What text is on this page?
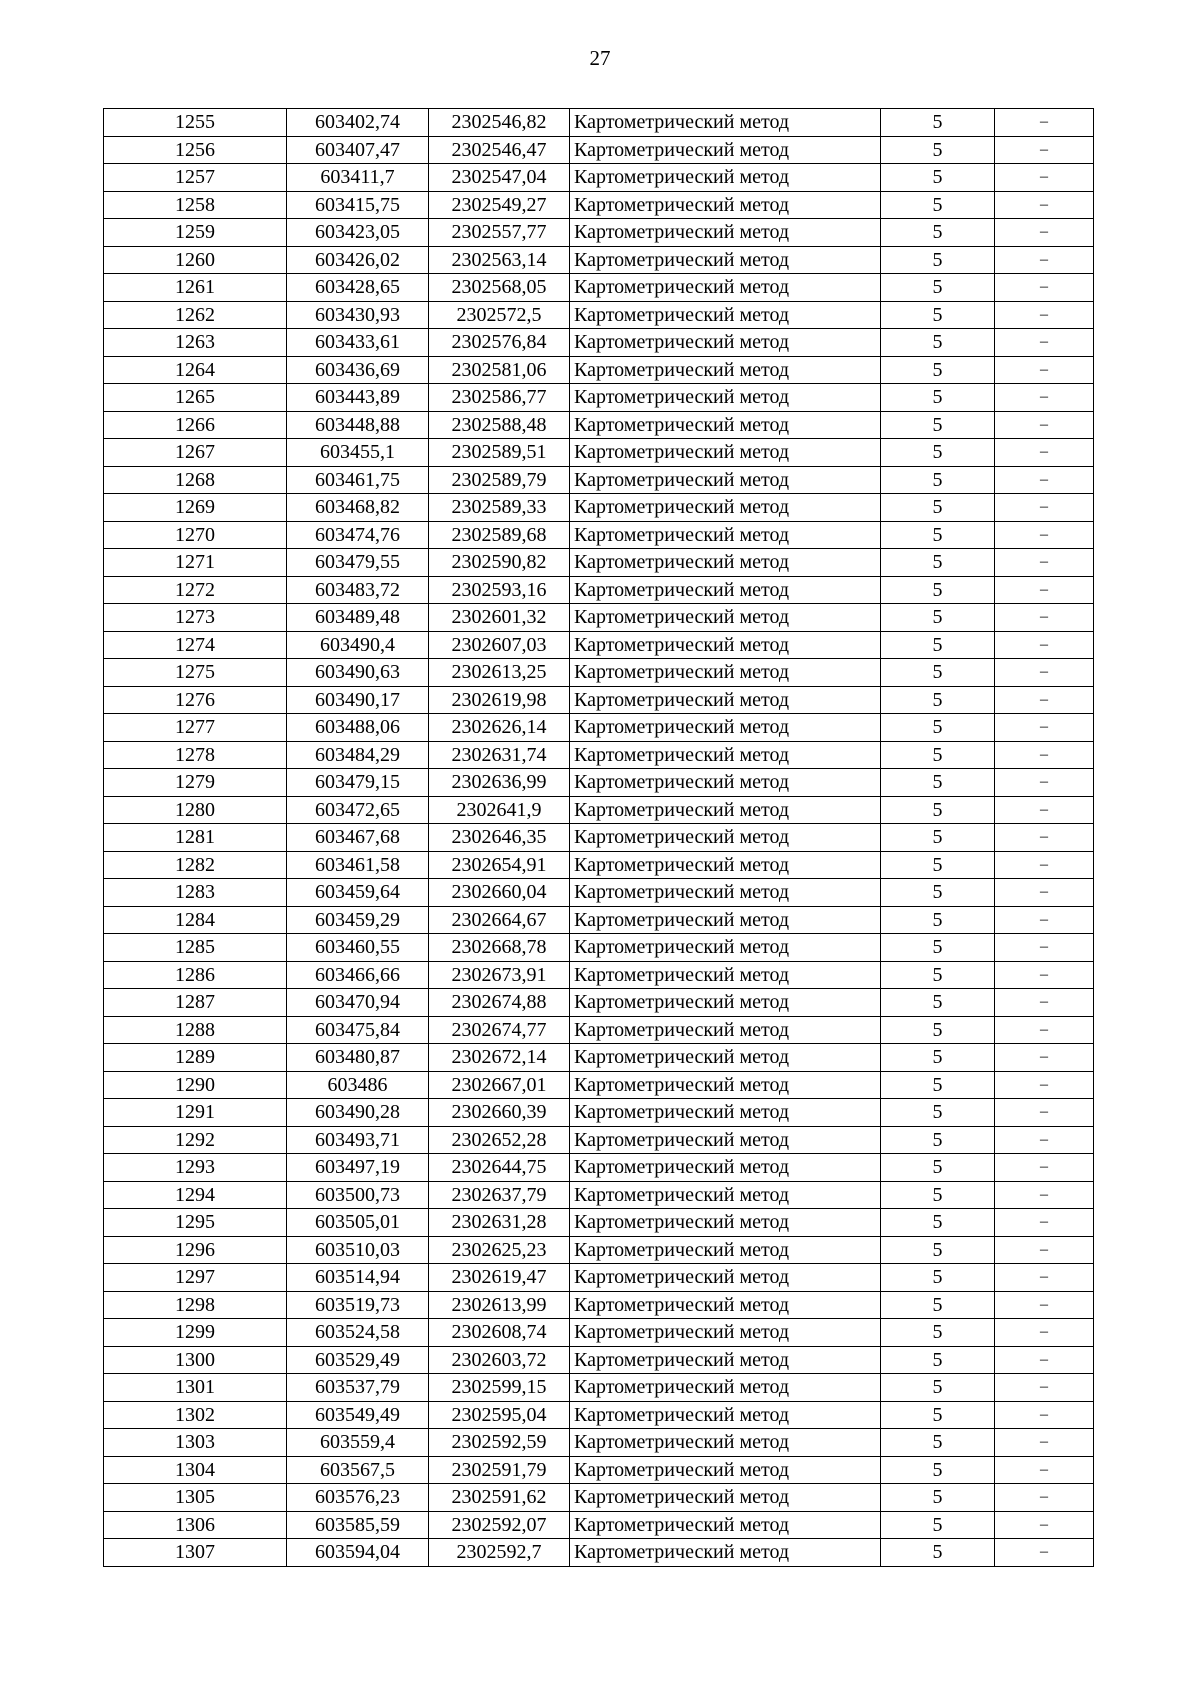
27
1255	603402,74	2302546,82	Картометрический метод	5	–
1256	603407,47	2302546,47	Картометрический метод	5	–
1257	603411,7	2302547,04	Картометрический метод	5	–
1258	603415,75	2302549,27	Картометрический метод	5	–
1259	603423,05	2302557,77	Картометрический метод	5	–
1260	603426,02	2302563,14	Картометрический метод	5	–
1261	603428,65	2302568,05	Картометрический метод	5	–
1262	603430,93	2302572,5	Картометрический метод	5	–
1263	603433,61	2302576,84	Картометрический метод	5	–
1264	603436,69	2302581,06	Картометрический метод	5	–
1265	603443,89	2302586,77	Картометрический метод	5	–
1266	603448,88	2302588,48	Картометрический метод	5	–
1267	603455,1	2302589,51	Картометрический метод	5	–
1268	603461,75	2302589,79	Картометрический метод	5	–
1269	603468,82	2302589,33	Картометрический метод	5	–
1270	603474,76	2302589,68	Картометрический метод	5	–
1271	603479,55	2302590,82	Картометрический метод	5	–
1272	603483,72	2302593,16	Картометрический метод	5	–
1273	603489,48	2302601,32	Картометрический метод	5	–
1274	603490,4	2302607,03	Картометрический метод	5	–
1275	603490,63	2302613,25	Картометрический метод	5	–
1276	603490,17	2302619,98	Картометрический метод	5	–
1277	603488,06	2302626,14	Картометрический метод	5	–
1278	603484,29	2302631,74	Картометрический метод	5	–
1279	603479,15	2302636,99	Картометрический метод	5	–
1280	603472,65	2302641,9	Картометрический метод	5	–
1281	603467,68	2302646,35	Картометрический метод	5	–
1282	603461,58	2302654,91	Картометрический метод	5	–
1283	603459,64	2302660,04	Картометрический метод	5	–
1284	603459,29	2302664,67	Картометрический метод	5	–
1285	603460,55	2302668,78	Картометрический метод	5	–
1286	603466,66	2302673,91	Картометрический метод	5	–
1287	603470,94	2302674,88	Картометрический метод	5	–
1288	603475,84	2302674,77	Картометрический метод	5	–
1289	603480,87	2302672,14	Картометрический метод	5	–
1290	603486	2302667,01	Картометрический метод	5	–
1291	603490,28	2302660,39	Картометрический метод	5	–
1292	603493,71	2302652,28	Картометрический метод	5	–
1293	603497,19	2302644,75	Картометрический метод	5	–
1294	603500,73	2302637,79	Картометрический метод	5	–
1295	603505,01	2302631,28	Картометрический метод	5	–
1296	603510,03	2302625,23	Картометрический метод	5	–
1297	603514,94	2302619,47	Картометрический метод	5	–
1298	603519,73	2302613,99	Картометрический метод	5	–
1299	603524,58	2302608,74	Картометрический метод	5	–
1300	603529,49	2302603,72	Картометрический метод	5	–
1301	603537,79	2302599,15	Картометрический метод	5	–
1302	603549,49	2302595,04	Картометрический метод	5	–
1303	603559,4	2302592,59	Картометрический метод	5	–
1304	603567,5	2302591,79	Картометрический метод	5	–
1305	603576,23	2302591,62	Картометрический метод	5	–
1306	603585,59	2302592,07	Картометрический метод	5	–
1307	603594,04	2302592,7	Картометрический метод	5	–
